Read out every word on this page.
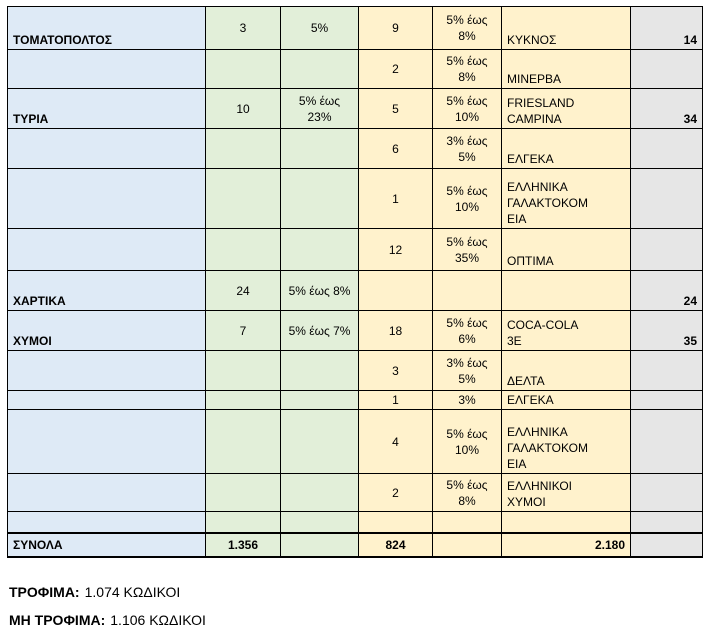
ΤΟΜΑΤΟΠΟΛΤΟΣ	3	5%	9	5% έως 8%	ΚΥΚΝΟΣ	14
			2	5% έως 8%	ΜΙΝΕΡΒΑ	
ΤΥΡΙΑ	10	5% έως 23%	5	5% έως 10%	FRIESLAND CAMPINA	34
			6	3% έως 5%	ΕΛΓΕΚΑ	
			1	5% έως 10%	ΕΛΛΗΝΙΚΑ ΓΑΛΑΚΤΟΚΟΜΕΙΑ	
			12	5% έως 35%	ΟΠΤΙΜΑ	
ΧΑΡΤΙΚΑ	24	5% έως 8%				24
ΧΥΜΟΙ	7	5% έως 7%	18	5% έως 6%	COCA-COLA 3E	35
			3	3% έως 5%	ΔΕΛΤΑ	
			1	3%	ΕΛΓΕΚΑ	
			4	5% έως 10%	ΕΛΛΗΝΙΚΑ ΓΑΛΑΚΤΟΚΟΜΕΙΑ	
			2	5% έως 8%	ΕΛΛΗΝΙΚΟΙ ΧΥΜΟΙ	

ΣΥΝΟΛΑ	1.356		824		2.180	
ΤΡΟΦΙΜΑ: 1.074 ΚΩΔΙΚΟΙ
ΜΗ ΤΡΟΦΙΜΑ: 1.106 ΚΩΔΙΚΟΙ
